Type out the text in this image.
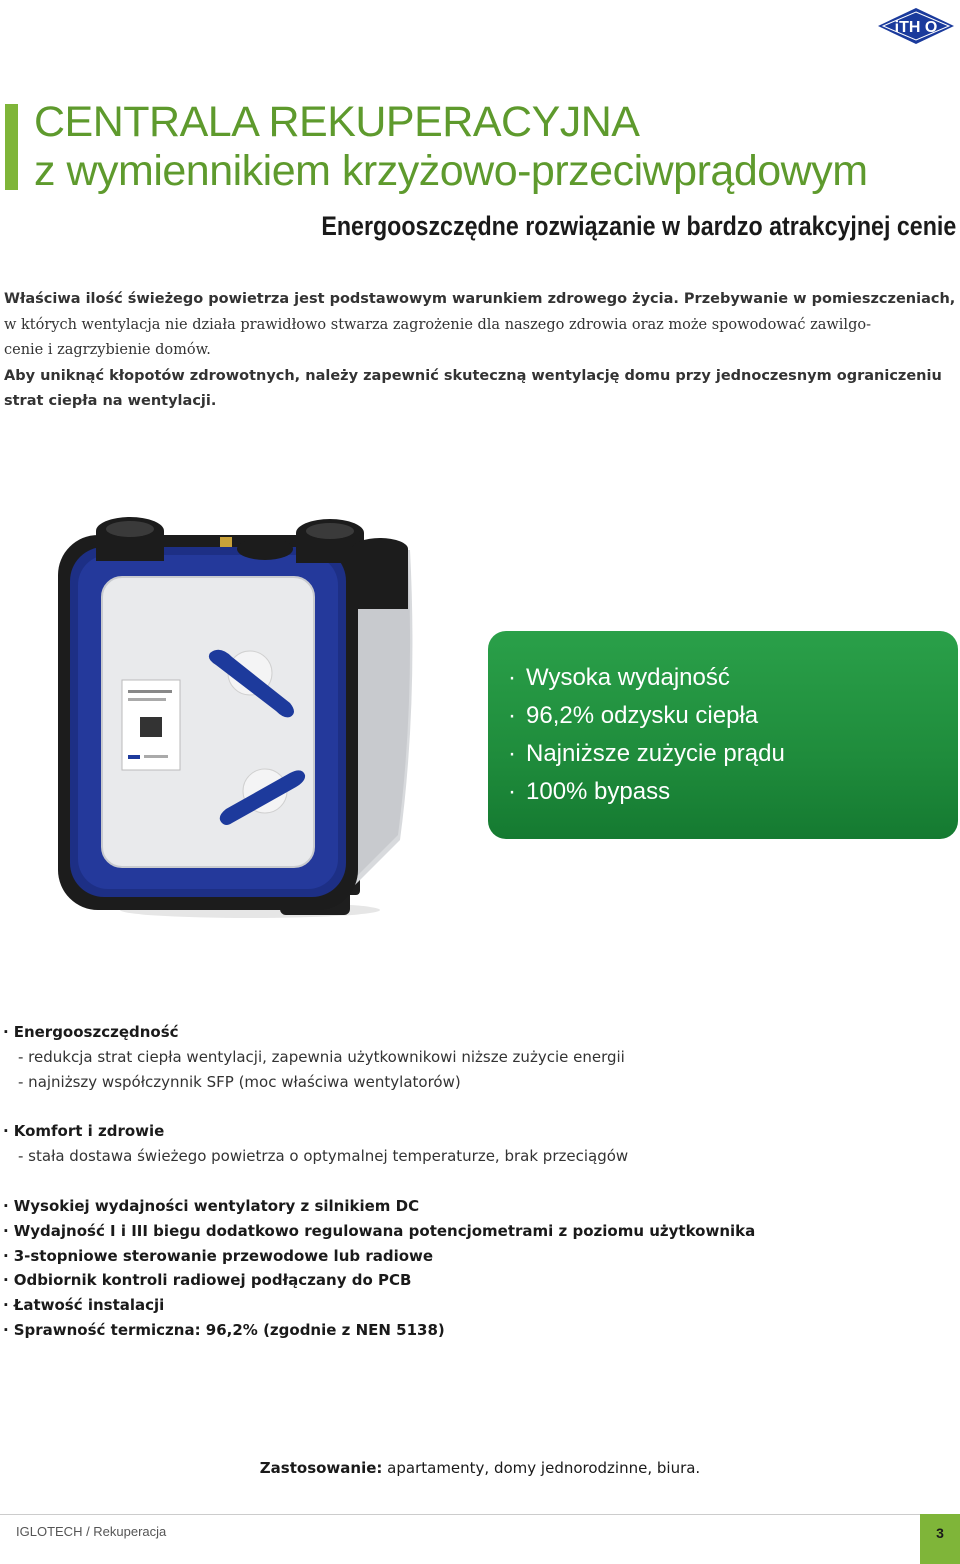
iTH O
CENTRALA REKUPERACYJNA
z wymiennikiem krzyżowo-przeciwprądowym
Energooszczędne rozwiązanie w bardzo atrakcyjnej cenie
Właściwa ilość świeżego powietrza jest podstawowym warunkiem zdrowego życia. Przebywanie w pomieszczeniach,
w których wentylacja nie działa prawidłowo stwarza zagrożenie dla naszego zdrowia oraz może spowodować zawilgo-
cenie i zagrzybienie domów.
Aby uniknąć kłopotów zdrowotnych, należy zapewnić skuteczną wentylację domu przy jednoczesnym ograniczeniu
strat ciepła na wentylacji.
· Wysoka wydajność
· 96,2% odzysku ciepła
· Najniższe zużycie prądu
· 100% bypass
· Energooszczędność
- redukcja strat ciepła wentylacji, zapewnia użytkownikowi niższe zużycie energii
- najniższy współczynnik SFP (moc właściwa wentylatorów)
· Komfort i zdrowie
- stała dostawa świeżego powietrza o optymalnej temperaturze, brak przeciągów
· Wysokiej wydajności wentylatory z silnikiem DC
· Wydajność I i III biegu dodatkowo regulowana potencjometrami z poziomu użytkownika
· 3-stopniowe sterowanie przewodowe lub radiowe
· Odbiornik kontroli radiowej podłączany do PCB
· Łatwość instalacji
· Sprawność termiczna: 96,2% (zgodnie z NEN 5138)

Zastosowanie: apartamenty, domy jednorodzinne, biura.

IGLOTECH / Rekuperacja	3
